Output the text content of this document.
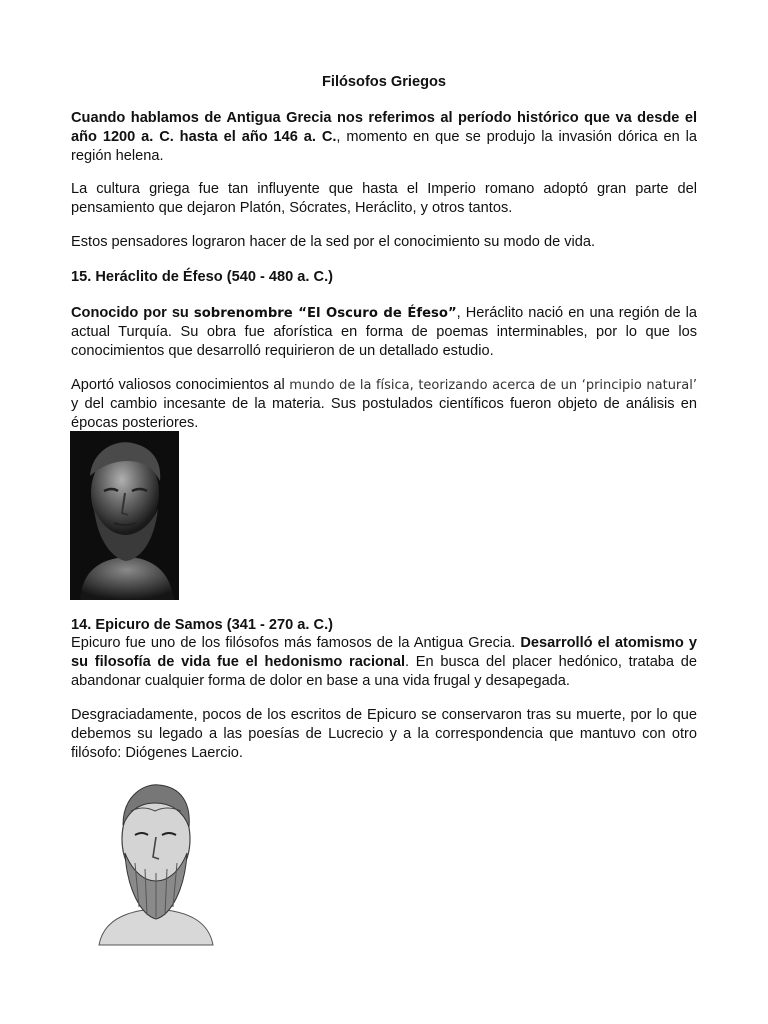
Filósofos Griegos

Cuando hablamos de Antigua Grecia nos referimos al período histórico que va desde el año 1200 a. C. hasta el año 146 a. C., momento en que se produjo la invasión dórica en la región helena.

La cultura griega fue tan influyente que hasta el Imperio romano adoptó gran parte del pensamiento que dejaron Platón, Sócrates, Heráclito, y otros tantos.

Estos pensadores lograron hacer de la sed por el conocimiento su modo de vida.

15. Heráclito de Éfeso (540 - 480 a. C.)

Conocido por su sobrenombre “El Oscuro de Éfeso”, Heráclito nació en una región de la actual Turquía. Su obra fue aforística en forma de poemas interminables, por lo que los conocimientos que desarrolló requirieron de un detallado estudio.

Aportó valiosos conocimientos al mundo de la física, teorizando acerca de un ‘principio natural’ y del cambio incesante de la materia. Sus postulados científicos fueron objeto de análisis en épocas posteriores.

14. Epicuro de Samos (341 - 270 a. C.)

Epicuro fue uno de los filósofos más famosos de la Antigua Grecia. Desarrolló el atomismo y su filosofía de vida fue el hedonismo racional. En busca del placer hedónico, trataba de abandonar cualquier forma de dolor en base a una vida frugal y desapegada.

Desgraciadamente, pocos de los escritos de Epicuro se conservaron tras su muerte, por lo que debemos su legado a las poesías de Lucrecio y a la correspondencia que mantuvo con otro filósofo: Diógenes Laercio.
